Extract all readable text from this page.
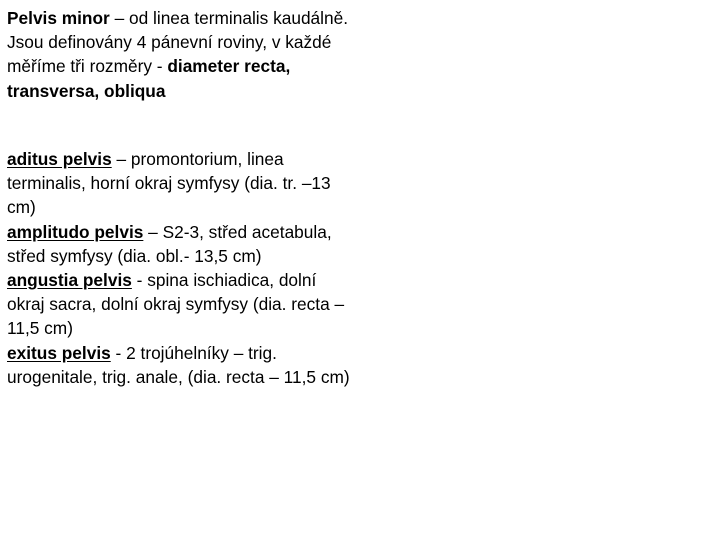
Pelvis minor – od linea terminalis kaudálně.

Jsou definovány 4 pánevní roviny, v každé měříme tři rozměry - diameter recta, transversa, obliqua

aditus pelvis – promontorium, linea terminalis, horní okraj symfysy (dia. tr. –13 cm)

amplitudo pelvis – S2-3, střed acetabula, střed symfysy (dia. obl.- 13,5 cm)

angustia pelvis - spina ischiadica, dolní okraj sacra, dolní okraj symfysy (dia. recta –11,5 cm)

exitus pelvis - 2 trojúhelníky – trig. urogenitale, trig. anale, (dia. recta – 11,5 cm)
